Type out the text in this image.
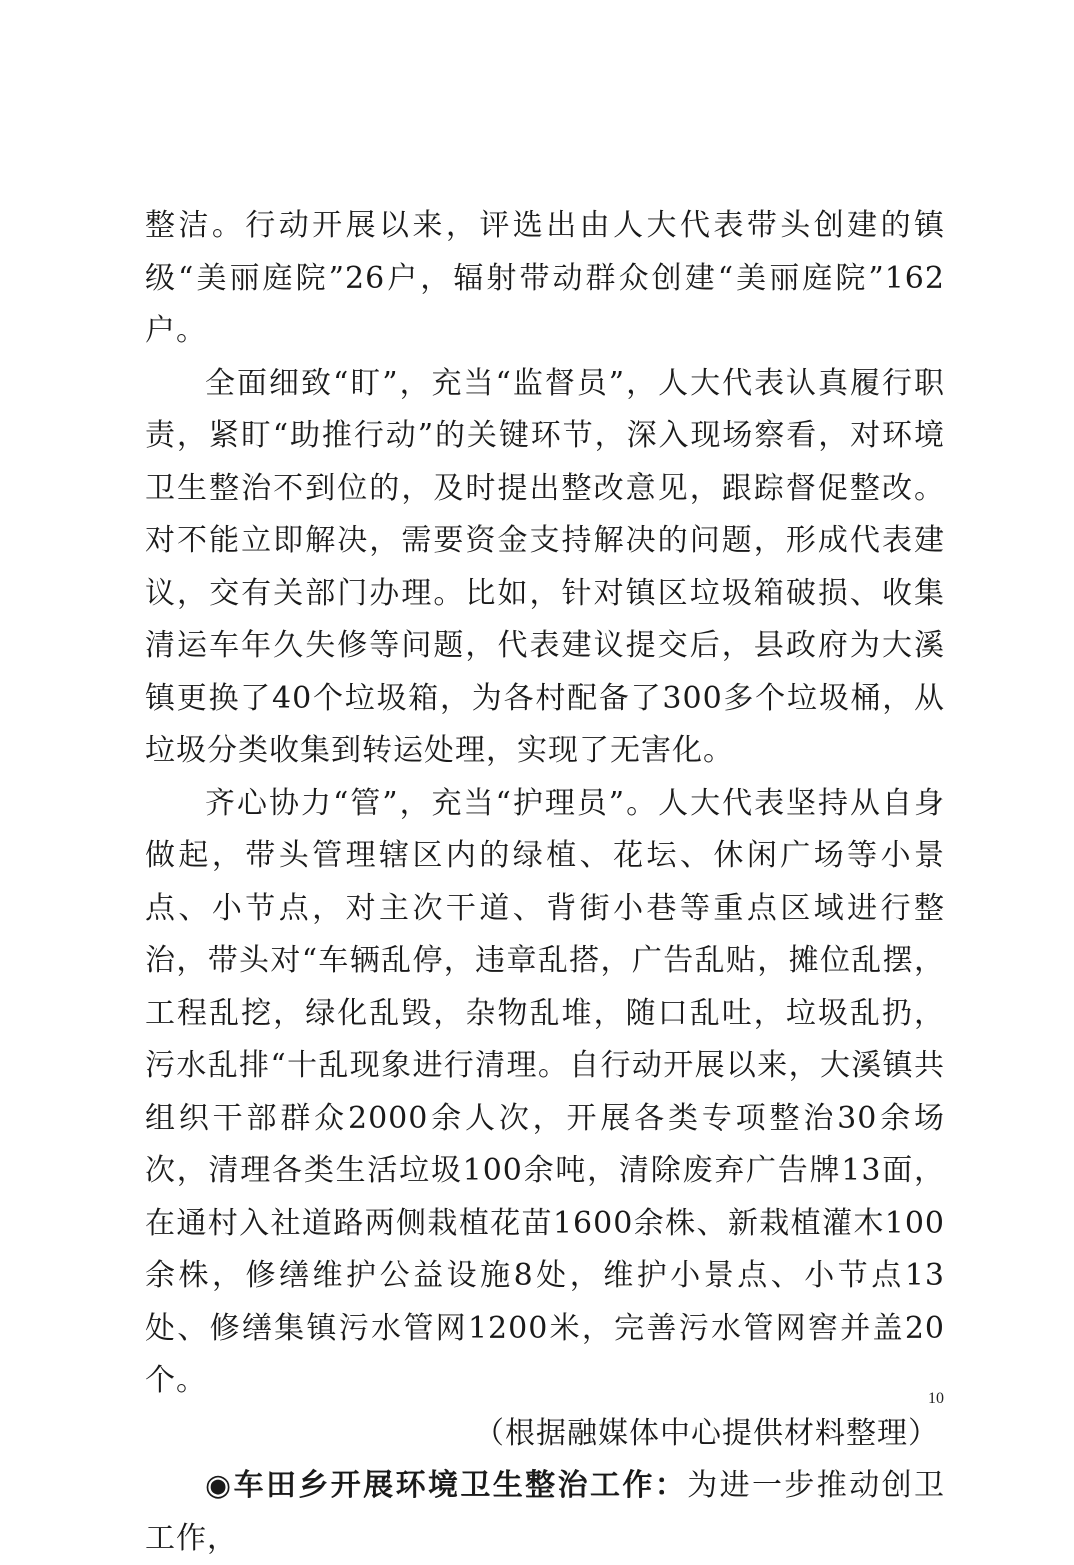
整洁。行动开展以来，评选出由人大代表带头创建的镇级“美丽庭院”26户，辐射带动群众创建“美丽庭院”162户。

全面细致“盯”，充当“监督员”，人大代表认真履行职责，紧盯“助推行动”的关键环节，深入现场察看，对环境卫生整治不到位的，及时提出整改意见，跟踪督促整改。对不能立即解决，需要资金支持解决的问题，形成代表建议，交有关部门办理。比如，针对镇区垃圾箱破损、收集清运车年久失修等问题，代表建议提交后，县政府为大溪镇更换了40个垃圾箱，为各村配备了300多个垃圾桶，从垃圾分类收集到转运处理，实现了无害化。

齐心协力“管”，充当“护理员”。人大代表坚持从自身做起，带头管理辖区内的绿植、花坛、休闲广场等小景点、小节点，对主次干道、背街小巷等重点区域进行整治，带头对“车辆乱停，违章乱搭，广告乱贴，摊位乱摆，工程乱挖，绿化乱毁，杂物乱堆，随口乱吐，垃圾乱扔，污水乱排“十乱现象进行清理。自行动开展以来，大溪镇共组织干部群众2000余人次，开展各类专项整治30余场次，清理各类生活垃圾100余吨，清除废弃广告牌13面，在通村入社道路两侧栽植花苗1600余株、新栽植灌木100余株，修缮维护公益设施8处，维护小景点、小节点13处、修缮集镇污水管网1200米，完善污水管网窖并盖20个。

（根据融媒体中心提供材料整理）

◉车田乡开展环境卫生整治工作：为进一步推动创卫工作，

10
